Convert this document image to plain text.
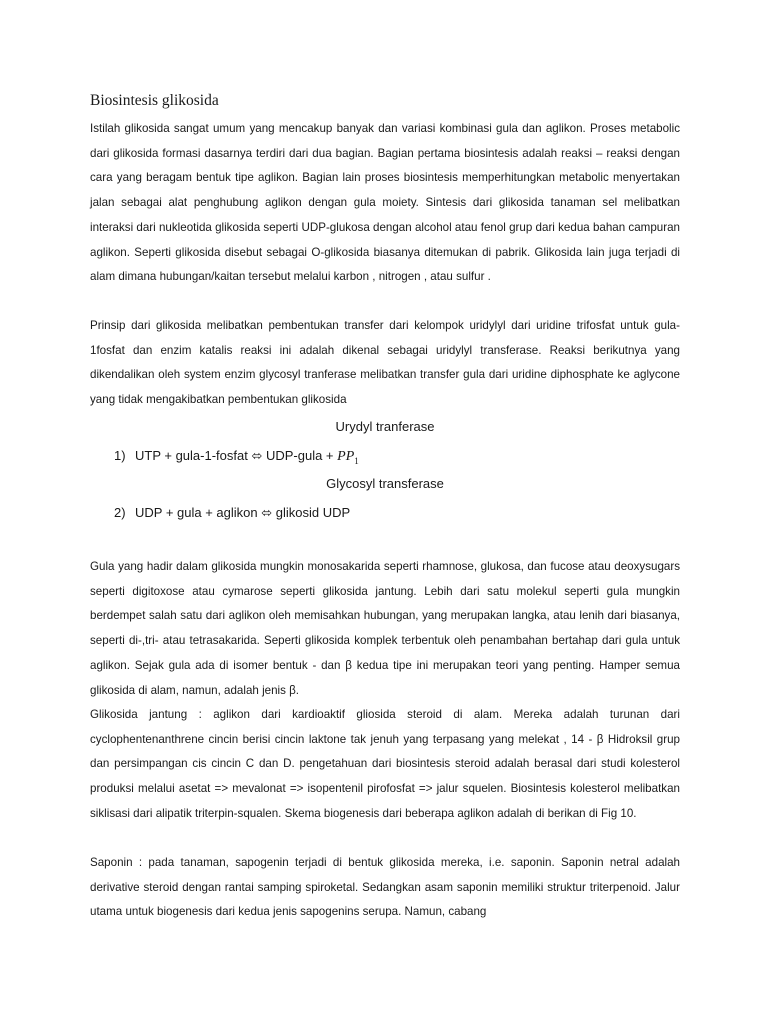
Biosintesis glikosida

Istilah glikosida sangat umum yang mencakup banyak dan variasi kombinasi gula dan aglikon. Proses metabolic dari glikosida formasi dasarnya terdiri dari dua bagian. Bagian pertama biosintesis adalah reaksi – reaksi dengan cara yang beragam bentuk tipe aglikon. Bagian lain proses biosintesis memperhitungkan metabolic menyertakan jalan sebagai alat penghubung aglikon dengan gula moiety. Sintesis dari glikosida tanaman sel melibatkan interaksi dari nukleotida glikosida seperti UDP-glukosa dengan alcohol atau fenol grup dari kedua bahan campuran aglikon. Seperti glikosida disebut sebagai O-glikosida biasanya ditemukan di pabrik. Glikosida lain juga terjadi di alam dimana hubungan/kaitan tersebut melalui karbon , nitrogen , atau sulfur .

Prinsip dari glikosida melibatkan pembentukan transfer dari kelompok uridylyl dari uridine trifosfat untuk gula-1fosfat dan enzim katalis reaksi ini adalah dikenal sebagai uridylyl transferase. Reaksi berikutnya yang dikendalikan oleh system enzim glycosyl tranferase melibatkan transfer gula dari uridine diphosphate ke aglycone yang tidak mengakibatkan pembentukan glikosida

Urydyl tranferase
1) UTP + gula-1-fosfat ⬄ UDP-gula + $PP_1$
Glycosyl transferase
2) UDP + gula + aglikon ⬄ glikosid UDP

Gula yang hadir dalam glikosida mungkin monosakarida seperti rhamnose, glukosa, dan fucose atau deoxysugars seperti digitoxose atau cymarose seperti glikosida jantung. Lebih dari satu molekul seperti gula mungkin berdempet salah satu dari aglikon oleh memisahkan hubungan, yang merupakan langka, atau lenih dari biasanya, seperti di-,tri- atau tetrasakarida. Seperti glikosida komplek terbentuk oleh penambahan bertahap dari gula untuk aglikon. Sejak gula ada di isomer bentuk - dan β kedua tipe ini merupakan teori yang penting. Hamper semua glikosida di alam, namun, adalah jenis β.

Glikosida jantung : aglikon dari kardioaktif gliosida steroid di alam. Mereka adalah turunan dari cyclophentenanthrene cincin berisi cincin laktone tak jenuh yang terpasang yang melekat , 14 - β Hidroksil grup dan persimpangan cis cincin C dan D. pengetahuan dari biosintesis steroid adalah berasal dari studi kolesterol produksi melalui asetat => mevalonat => isopentenil pirofosfat => jalur squelen. Biosintesis kolesterol melibatkan siklisasi dari alipatik triterpin-squalen. Skema biogenesis dari beberapa aglikon adalah di berikan di Fig 10.

Saponin : pada tanaman, sapogenin terjadi di bentuk glikosida mereka, i.e. saponin. Saponin netral adalah derivative steroid dengan rantai samping spiroketal. Sedangkan asam saponin memiliki struktur triterpenoid. Jalur utama untuk biogenesis dari kedua jenis sapogenins serupa. Namun, cabang
